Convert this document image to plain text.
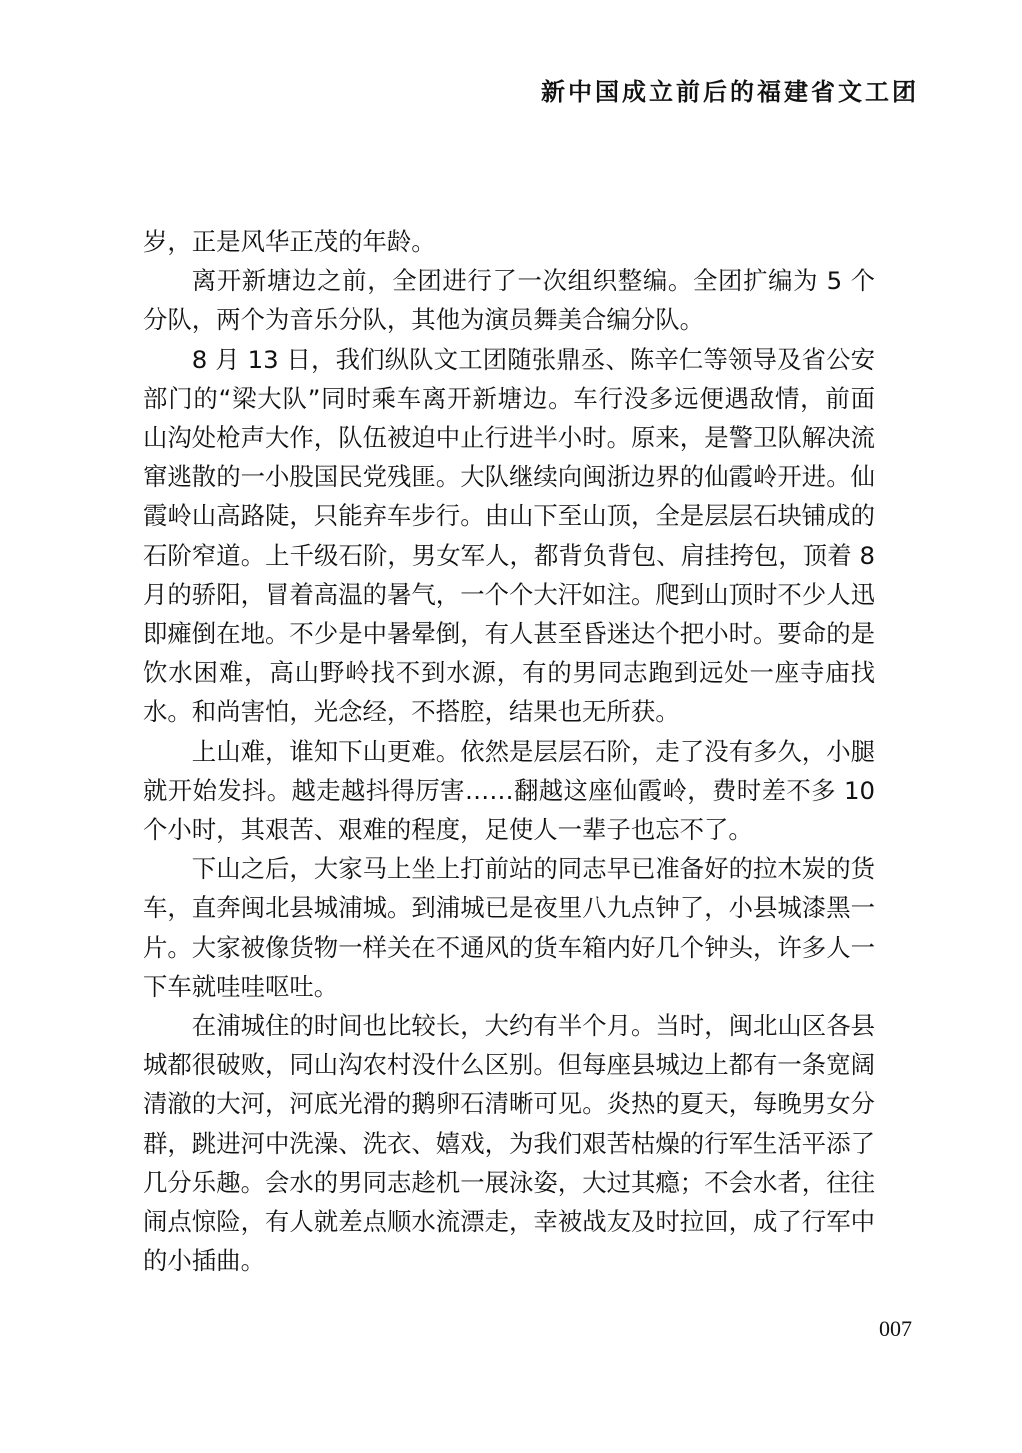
新中国成立前后的福建省文工团

岁，正是风华正茂的年龄。

离开新塘边之前，全团进行了一次组织整编。全团扩编为 5 个分队，两个为音乐分队，其他为演员舞美合编分队。

8 月 13 日，我们纵队文工团随张鼎丞、陈辛仁等领导及省公安部门的“梁大队”同时乘车离开新塘边。车行没多远便遇敌情，前面山沟处枪声大作，队伍被迫中止行进半小时。原来，是警卫队解决流窜逃散的一小股国民党残匪。大队继续向闽浙边界的仙霞岭开进。仙霞岭山高路陡，只能弃车步行。由山下至山顶，全是层层石块铺成的石阶窄道。上千级石阶，男女军人，都背负背包、肩挂挎包，顶着 8 月的骄阳，冒着高温的暑气，一个个大汗如注。爬到山顶时不少人迅即瘫倒在地。不少是中暑晕倒，有人甚至昏迷达个把小时。要命的是饮水困难，高山野岭找不到水源，有的男同志跑到远处一座寺庙找水。和尚害怕，光念经，不搭腔，结果也无所获。

上山难，谁知下山更难。依然是层层石阶，走了没有多久，小腿就开始发抖。越走越抖得厉害……翻越这座仙霞岭，费时差不多 10 个小时，其艰苦、艰难的程度，足使人一辈子也忘不了。

下山之后，大家马上坐上打前站的同志早已准备好的拉木炭的货车，直奔闽北县城浦城。到浦城已是夜里八九点钟了，小县城漆黑一片。大家被像货物一样关在不通风的货车箱内好几个钟头，许多人一下车就哇哇呕吐。

在浦城住的时间也比较长，大约有半个月。当时，闽北山区各县城都很破败，同山沟农村没什么区别。但每座县城边上都有一条宽阔清澈的大河，河底光滑的鹅卵石清晰可见。炎热的夏天，每晚男女分群，跳进河中洗澡、洗衣、嬉戏，为我们艰苦枯燥的行军生活平添了几分乐趣。会水的男同志趁机一展泳姿，大过其瘾；不会水者，往往闹点惊险，有人就差点顺水流漂走，幸被战友及时拉回，成了行军中的小插曲。

007
